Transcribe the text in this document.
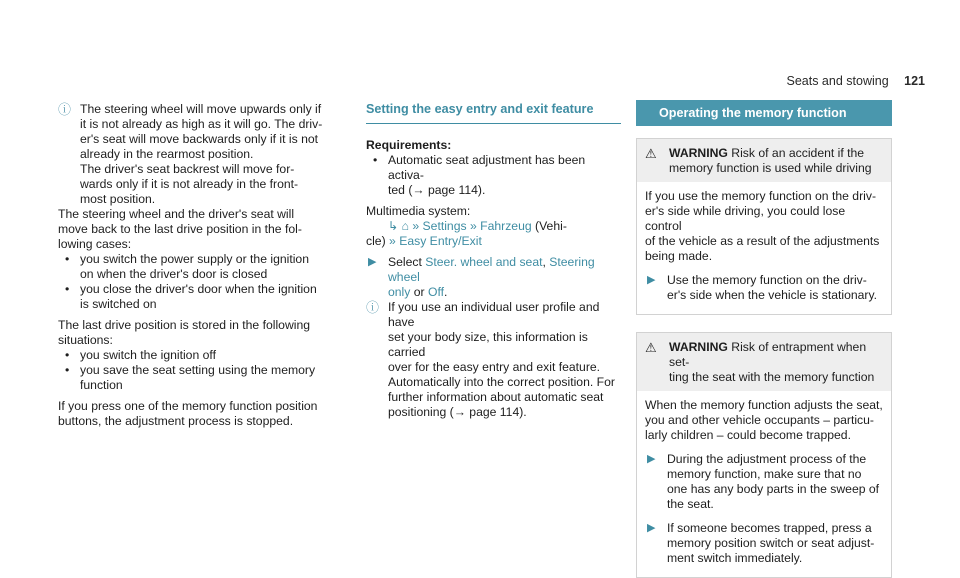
Seats and stowing 121
ⓘ The steering wheel will move upwards only if

it is not already as high as it will go. The driv-

er's seat will move backwards only if it is not

already in the rearmost position.

The driver's seat backrest will move for-

wards only if it is not already in the front-

most position.

The steering wheel and the driver's seat will

move back to the last drive position in the fol-

lowing cases:

• you switch the power supply or the ignition

on when the driver's door is closed

• you close the driver's door when the ignition

is switched on

The last drive position is stored in the following

situations:

• you switch the ignition off

• you save the seat setting using the memory

function

If you press one of the memory function position

buttons, the adjustment process is stopped.

Setting the easy entry and exit feature

Requirements:

• Automatic seat adjustment has been activa-

ted (→ page 114).

Multimedia system:

↳ ⌂ » Settings » Fahrzeug (Vehi-
cle) » Easy Entry/Exit
▶ Select Steer. wheel and seat, Steering wheel

only or Off.

ⓘ If you use an individual user profile and have

set your body size, this information is carried

over for the easy entry and exit feature.

Automatically into the correct position. For

further information about automatic seat

positioning (→ page 114).

Operating the memory function
⚠	WARNING Risk of an accident if the

memory function is used while driving

If you use the memory function on the driv-

er's side while driving, you could lose control

of the vehicle as a result of the adjustments

being made.

▶ Use the memory function on the driv-

er's side when the vehicle is stationary.

⚠	WARNING Risk of entrapment when set-

ting the seat with the memory function

When the memory function adjusts the seat,

you and other vehicle occupants – particu-

larly children – could become trapped.

▶ During the adjustment process of the

memory function, make sure that no

one has any body parts in the sweep of

the seat.

▶ If someone becomes trapped, press a

memory position switch or seat adjust-

ment switch immediately.
